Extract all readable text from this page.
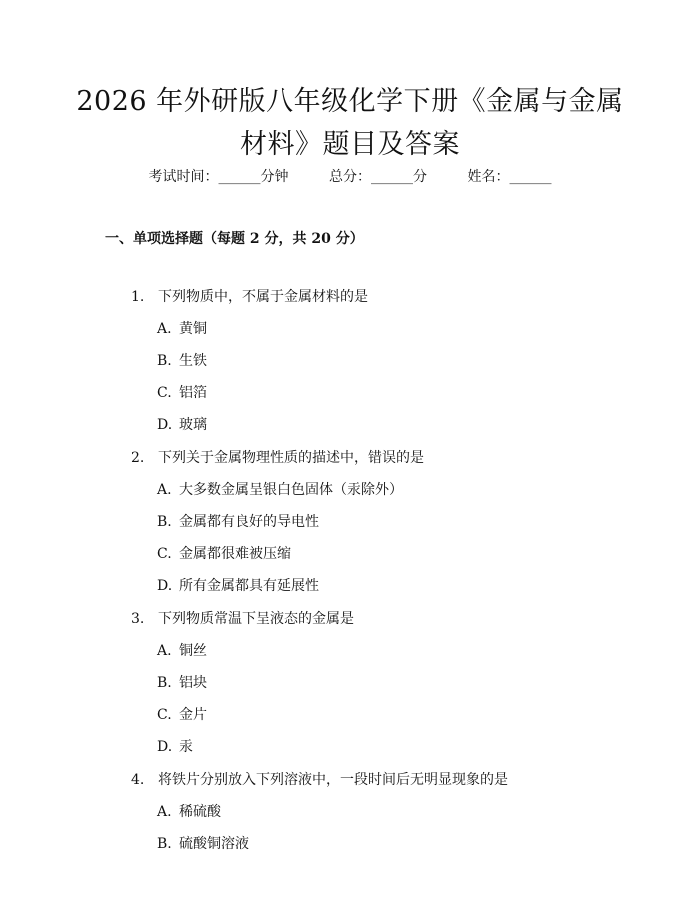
2026 年外研版八年级化学下册《金属与金属
材料》题目及答案
考试时间：______分钟	总分：______分	姓名：______
一、单项选择题（每题 2 分，共 20 分）
1. 下列物质中，不属于金属材料的是
A. 黄铜
B. 生铁
C. 铝箔
D. 玻璃
2. 下列关于金属物理性质的描述中，错误的是
A. 大多数金属呈银白色固体（汞除外）
B. 金属都有良好的导电性
C. 金属都很难被压缩
D. 所有金属都具有延展性
3. 下列物质常温下呈液态的金属是
A. 铜丝
B. 铝块
C. 金片
D. 汞
4. 将铁片分别放入下列溶液中，一段时间后无明显现象的是
A. 稀硫酸
B. 硫酸铜溶液
